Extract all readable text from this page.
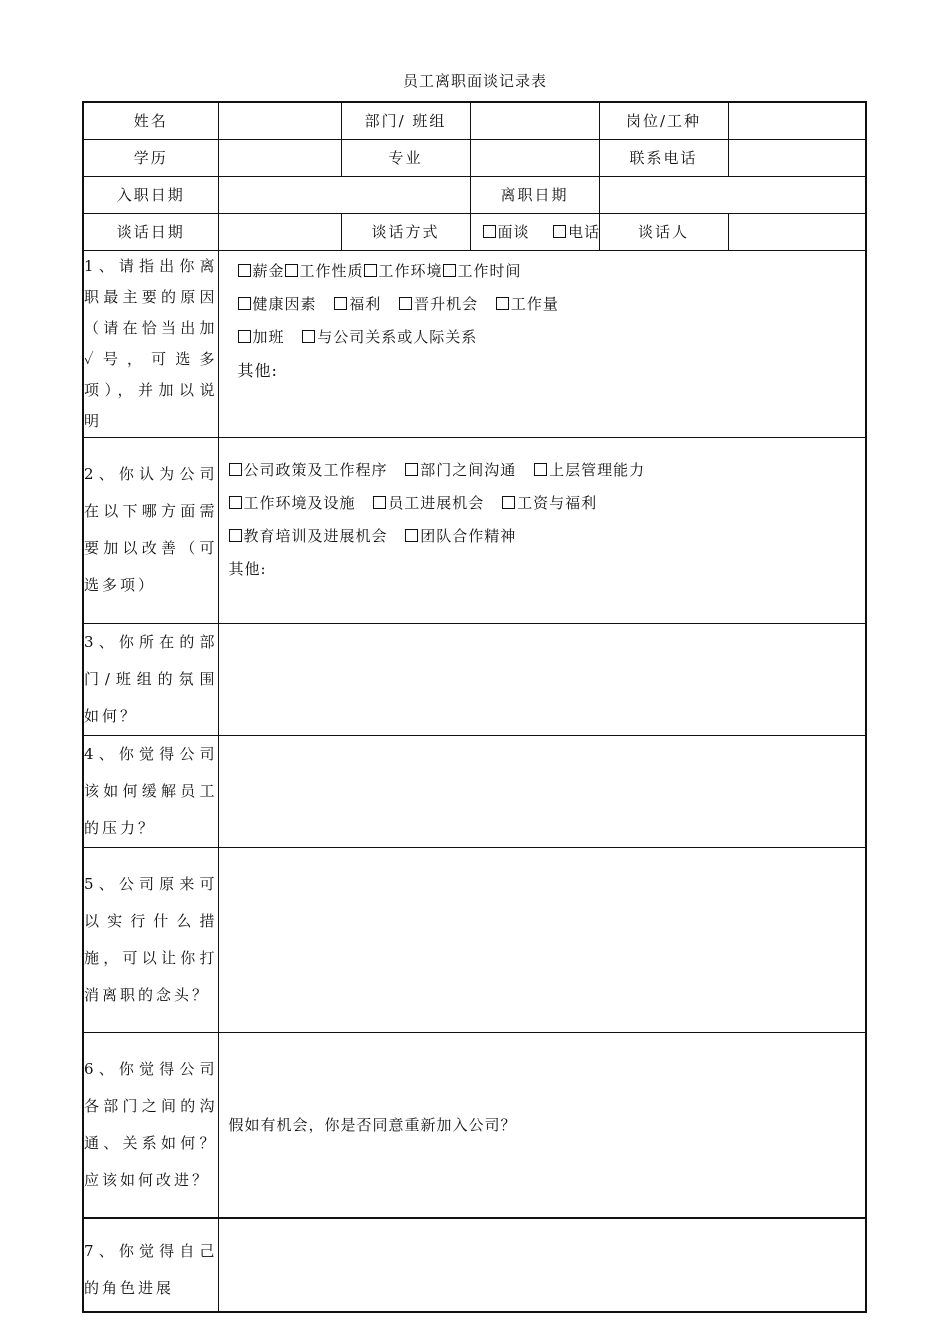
员工离职面谈记录表
姓名		部门/ 班组		岗位/工种	
学历		专业		联系电话	
入职日期			离职日期		
谈话日期		谈话方式	面谈 电话	谈话人	
1、请指出你离职最主要的原因（请在恰当出加✓号，可选多项），并加以说明	薪金 工作性质 工作环境 工作时间
健康因素 福利 晋升机会 工作量
加班 与公司关系或人际关系
其他:				

2、你认为公司在以下哪方面需要加以改善（可选多项）	公司政策及工作程序 部门之间沟通 上层管理能力
工作环境及设施 员工进展机会 工资与福利
教育培训及进展机会 团队合作精神
其他:				

3、你所在的部门/班组的氛围如何？					
4、你觉得公司该如何缓解员工的压力？					
5、公司原来可以实行什么措施，可以让你打消离职的念头？					
6、你觉得公司各部门之间的沟通、关系如何？应该如何改进？	假如有机会，你是否同意重新加入公司？				
7、你觉得自己的角色进展					
